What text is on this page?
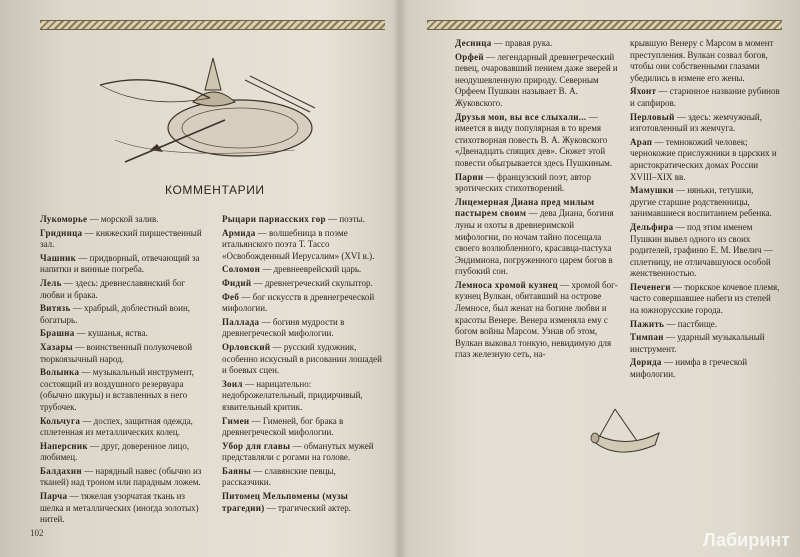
КОММЕНТАРИИ
Лукоморье — морской залив.
Гридница — княжеский пиршественный зал.
Чашник — придворный, отвечающий за напитки и винные погреба.
Лель — здесь: древнеславянский бог любви и брака.
Витязь — храбрый, доблестный воин, богатырь.
Брашна — кушанья, яства.
Хазары — воинственный полукочевой тюркоязычный народ.
Волынка — музыкальный инструмент, состоящий из воздушного резервуара (обычно шкуры) и вставленных в него трубочек.
Кольчуга — доспех, защитная одежда, сплетенная из металлических колец.
Наперсник — друг, доверенное лицо, любимец.
Балдахин — нарядный навес (обычно из тканей) над троном или парадным ложем.
Парча — тяжелая узорчатая ткань из шелка и металлических (иногда золотых) нитей.
Рыцари парнасских гор — поэты.
Армида — волшебница в поэме итальянского поэта Т. Тассо «Освобожденный Иерусалим» (XVI в.).
Соломон — древнееврейский царь.
Фидий — древнегреческий скульптор.
Феб — бог искусств в древнегреческой мифологии.
Паллада — богиня мудрости в древнегреческой мифологии.
Орловский — русский художник, особенно искусный в рисовании лошадей и боевых сцен.
Зоил — нарицательно: недоброжелательный, придирчивый, язвительный критик.
Гимен — Гименей, бог брака в древнегреческой мифологии.
Убор для главы — обманутых мужей представляли с рогами на голове.
Баяны — славянские певцы, рассказчики.
Питомец Мельпомены (музы трагедии) — трагический актер.
102
Десница — правая рука.
Орфей — легендарный древнегреческий певец, очаровавший пением даже зверей и неодушевленную природу. Северным Орфеем Пушкин называет В. А. Жуковского.
Друзья мои, вы все слыхали... — имеется в виду популярная в то время стихотворная повесть В. А. Жуковского «Двенадцать спящих дев». Сюжет этой повести обыгрывается здесь Пушкиным.
Парни — французский поэт, автор эротических стихотворений.
Лицемерная Диана пред милым пастырем своим — дева Диана, богиня луны и охоты в древнеримской мифологии, по ночам тайно посещала своего возлюбленного, красавца-пастуха Эндимиона, погруженного царем богов в глубокий сон.
Лемноса хромой кузнец — хромой бог-кузнец Вулкан, обитавший на острове Лемносе, был женат на богине любви и красоты Венере. Венера изменяла ему с богом войны Марсом. Узнав об этом, Вулкан выковал тонкую, невидимую для глаз железную сеть, на-
крывшую Венеру с Марсом в момент преступления. Вулкан созвал богов, чтобы они собственными глазами убедились в измене его жены.
Яхонт — старинное название рубинов и сапфиров.
Перловый — здесь: жемчужный, изготовленный из жемчуга.
Арап — темнокожий человек; чернокожие прислужники в царских и аристократических домах России XVIII–XIX вв.
Мамушки — няньки, тетушки, другие старшие родственницы, занимавшиеся воспитанием ребенка.
Дельфира — под этим именем Пушкин вывел одного из своих родителей, графиню Е. М. Ивелич — сплетницу, не отличавшуюся особой женственностью.
Печенеги — тюркское кочевое племя, часто совершавшее набеги из степей на южнорусские города.
Пажить — пастбище.
Тимпан — ударный музыкальный инструмент.
Дорида — нимфа в греческой мифологии.
Лабиринт
